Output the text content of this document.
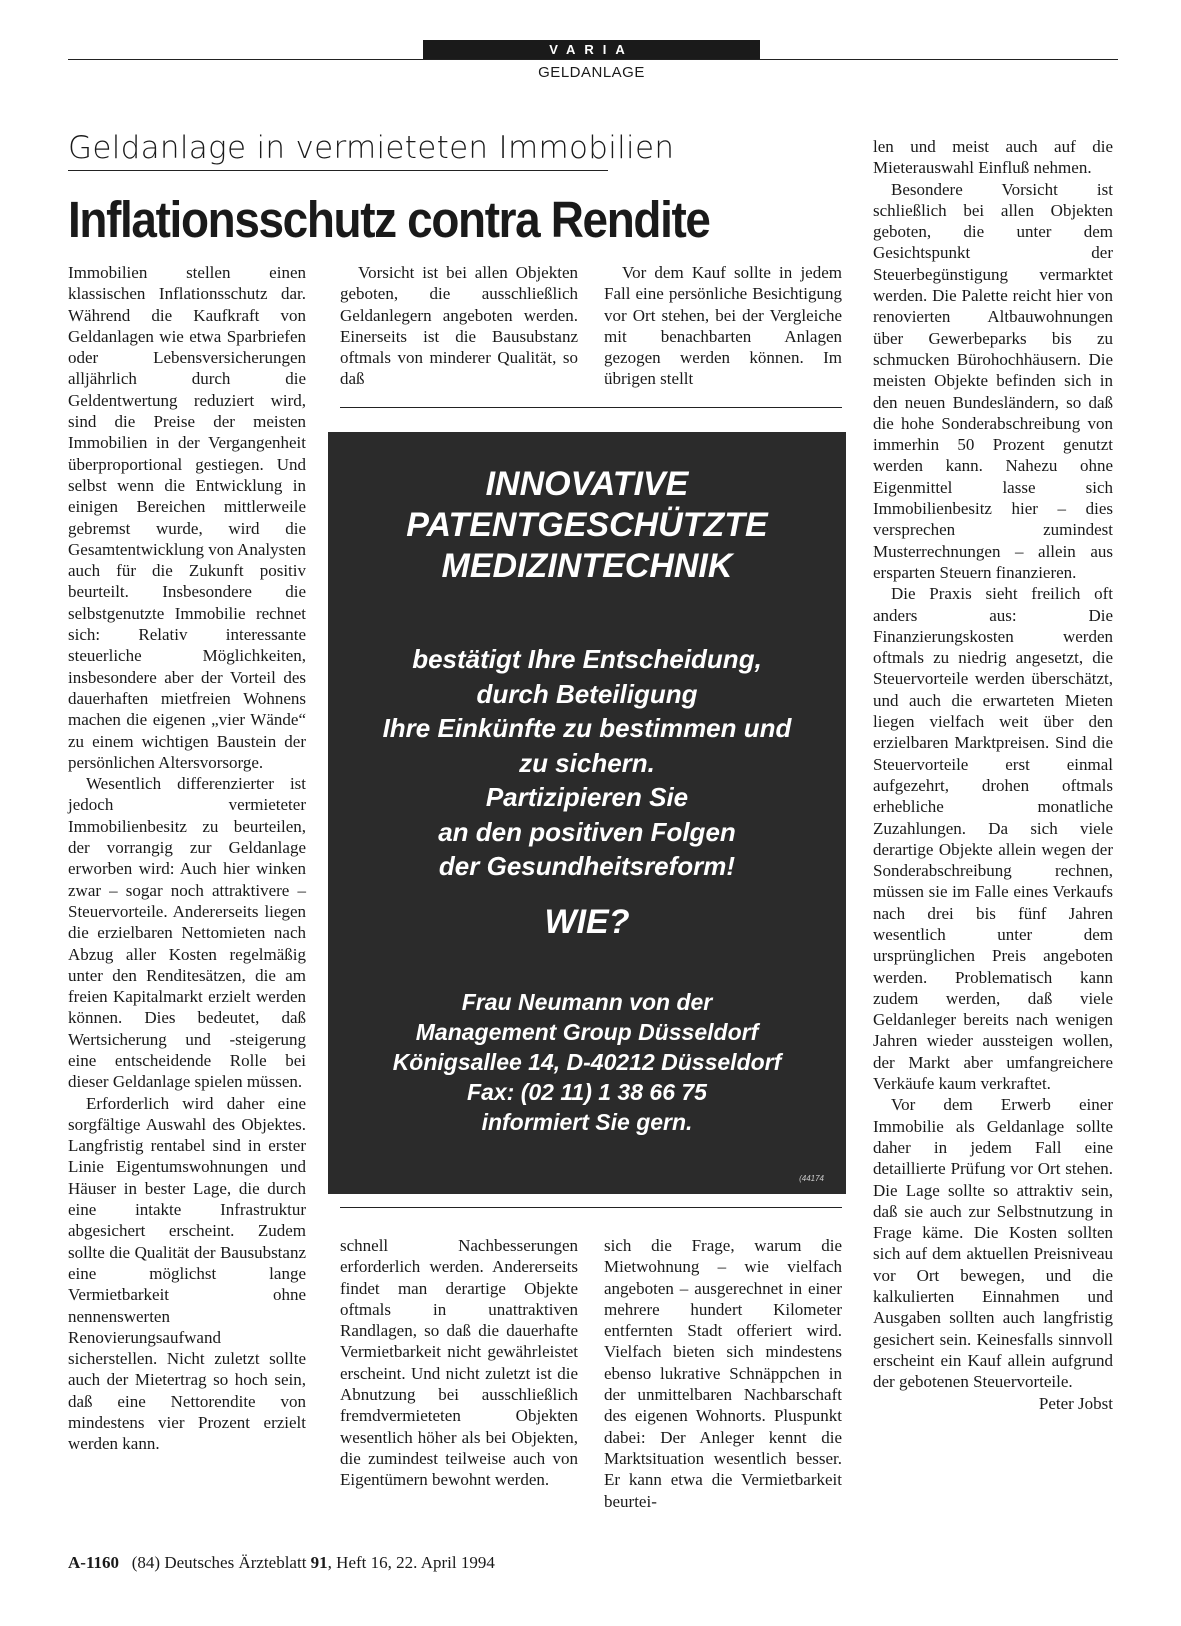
VARIA
GELDANLAGE
Geldanlage in vermieteten Immobilien
Inflationsschutz contra Rendite

Immobilien stellen einen klassischen Inflationsschutz dar. Während die Kaufkraft von Geldanlagen wie etwa Sparbriefen oder Lebensversicherungen alljährlich durch die Geldentwertung reduziert wird, sind die Preise der meisten Immobilien in der Vergangenheit überproportional gestiegen. Und selbst wenn die Entwicklung in einigen Bereichen mittlerweile gebremst wurde, wird die Gesamtentwicklung von Analysten auch für die Zukunft positiv beurteilt. Insbesondere die selbstgenutzte Immobilie rechnet sich: Relativ interessante steuerliche Möglichkeiten, insbesondere aber der Vorteil des dauerhaften mietfreien Wohnens machen die eigenen „vier Wände“ zu einem wichtigen Baustein der persönlichen Altersvorsorge.

Wesentlich differenzierter ist jedoch vermieteter Immobilienbesitz zu beurteilen, der vorrangig zur Geldanlage erworben wird: Auch hier winken zwar – sogar noch attraktivere – Steuervorteile. Andererseits liegen die erzielbaren Nettomieten nach Abzug aller Kosten regelmäßig unter den Renditesätzen, die am freien Kapitalmarkt erzielt werden können. Dies bedeutet, daß Wertsicherung und -steigerung eine entscheidende Rolle bei dieser Geldanlage spielen müssen.

Erforderlich wird daher eine sorgfältige Auswahl des Objektes. Langfristig rentabel sind in erster Linie Eigentumswohnungen und Häuser in bester Lage, die durch eine intakte Infrastruktur abgesichert erscheint. Zudem sollte die Qualität der Bausubstanz eine möglichst lange Vermietbarkeit ohne nennenswerten Renovierungsaufwand sicherstellen. Nicht zuletzt sollte auch der Mietertrag so hoch sein, daß eine Nettorendite von mindestens vier Prozent erzielt werden kann.

Vorsicht ist bei allen Objekten geboten, die ausschließlich Geldanlegern angeboten werden. Einerseits ist die Bausubstanz oftmals von minderer Qualität, so daß

Vor dem Kauf sollte in jedem Fall eine persönliche Besichtigung vor Ort stehen, bei der Vergleiche mit benachbarten Anlagen gezogen werden können. Im übrigen stellt

INNOVATIVE
PATENTGESCHÜTZTE
MEDIZINTECHNIK
bestätigt Ihre Entscheidung,
durch Beteiligung
Ihre Einkünfte zu bestimmen und
zu sichern.
Partizipieren Sie
an den positiven Folgen
der Gesundheitsreform!
WIE?
Frau Neumann von der
Management Group Düsseldorf
Königsallee 14, D-40212 Düsseldorf
Fax: (02 11) 1 38 66 75
informiert Sie gern.
(44174

schnell Nachbesserungen erforderlich werden. Andererseits findet man derartige Objekte oftmals in unattraktiven Randlagen, so daß die dauerhafte Vermietbarkeit nicht gewährleistet erscheint. Und nicht zuletzt ist die Abnutzung bei ausschließlich fremdvermieteten Objekten wesentlich höher als bei Objekten, die zumindest teilweise auch von Eigentümern bewohnt werden.

sich die Frage, warum die Mietwohnung – wie vielfach angeboten – ausgerechnet in einer mehrere hundert Kilometer entfernten Stadt offeriert wird. Vielfach bieten sich mindestens ebenso lukrative Schnäppchen in der unmittelbaren Nachbarschaft des eigenen Wohnorts. Pluspunkt dabei: Der Anleger kennt die Marktsituation wesentlich besser. Er kann etwa die Vermietbarkeit beurtei-

len und meist auch auf die Mieterauswahl Einfluß nehmen.

Besondere Vorsicht ist schließlich bei allen Objekten geboten, die unter dem Gesichtspunkt der Steuerbegünstigung vermarktet werden. Die Palette reicht hier von renovierten Altbauwohnungen über Gewerbeparks bis zu schmucken Bürohochhäusern. Die meisten Objekte befinden sich in den neuen Bundesländern, so daß die hohe Sonderabschreibung von immerhin 50 Prozent genutzt werden kann. Nahezu ohne Eigenmittel lasse sich Immobilienbesitz hier – dies versprechen zumindest Musterrechnungen – allein aus ersparten Steuern finanzieren.

Die Praxis sieht freilich oft anders aus: Die Finanzierungskosten werden oftmals zu niedrig angesetzt, die Steuervorteile werden überschätzt, und auch die erwarteten Mieten liegen vielfach weit über den erzielbaren Marktpreisen. Sind die Steuervorteile erst einmal aufgezehrt, drohen oftmals erhebliche monatliche Zuzahlungen. Da sich viele derartige Objekte allein wegen der Sonderabschreibung rechnen, müssen sie im Falle eines Verkaufs nach drei bis fünf Jahren wesentlich unter dem ursprünglichen Preis angeboten werden. Problematisch kann zudem werden, daß viele Geldanleger bereits nach wenigen Jahren wieder aussteigen wollen, der Markt aber umfangreichere Verkäufe kaum verkraftet.

Vor dem Erwerb einer Immobilie als Geldanlage sollte daher in jedem Fall eine detaillierte Prüfung vor Ort stehen. Die Lage sollte so attraktiv sein, daß sie auch zur Selbstnutzung in Frage käme. Die Kosten sollten sich auf dem aktuellen Preisniveau vor Ort bewegen, und die kalkulierten Einnahmen und Ausgaben sollten auch langfristig gesichert sein. Keinesfalls sinnvoll erscheint ein Kauf allein aufgrund der gebotenen Steuervorteile.

Peter Jobst

A-1160 (84) Deutsches Ärzteblatt 91, Heft 16, 22. April 1994
